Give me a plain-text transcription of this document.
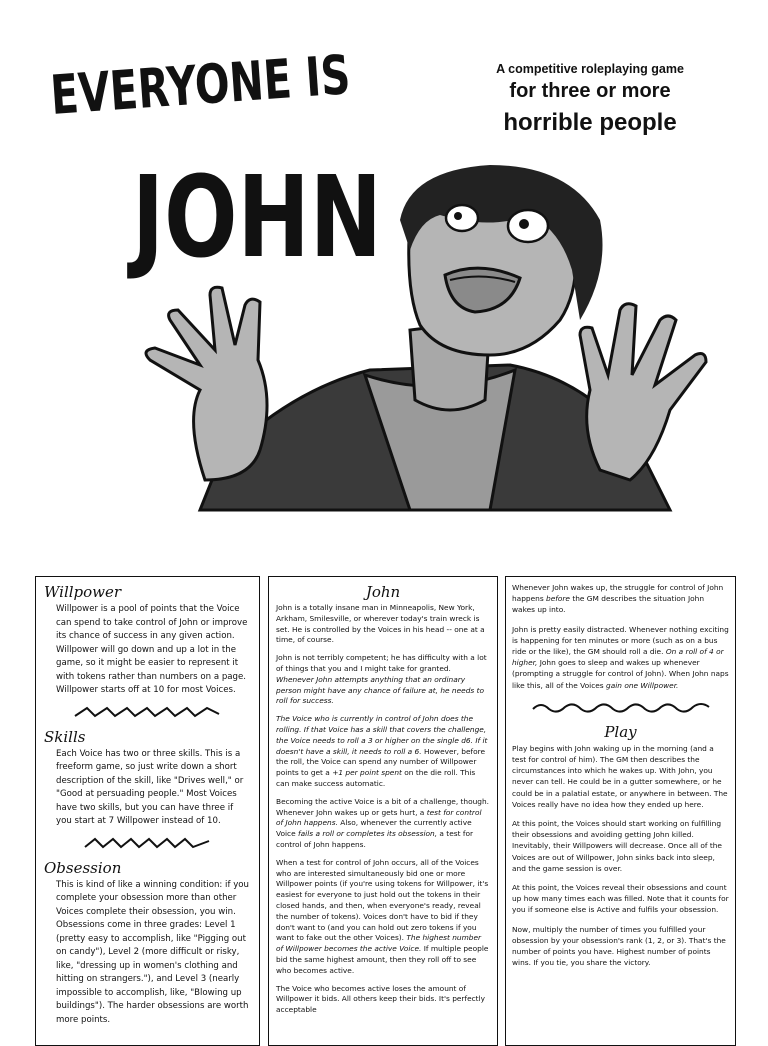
EVERYONE IS
JOHN
A competitive roleplaying game
for three or more
horrible people
Willpower

Willpower is a pool of points that the Voice can spend to take control of John or improve its chance of success in any given action. Willpower will go down and up a lot in the game, so it might be easier to represent it with tokens rather than numbers on a page. Willpower starts off at 10 for most Voices.

Skills

Each Voice has two or three skills. This is a freeform game, so just write down a short description of the skill, like "Drives well," or "Good at persuading people." Most Voices have two skills, but you can have three if you start at 7 Willpower instead of 10.

Obsession

This is kind of like a winning condition: if you complete your obsession more than other Voices complete their obsession, you win. Obsessions come in three grades: Level 1 (pretty easy to accomplish, like "Pigging out on candy"), Level 2 (more difficult or risky, like, "dressing up in women's clothing and hitting on strangers."), and Level 3 (nearly impossible to accomplish, like, "Blowing up buildings"). The harder obsessions are worth more points.

John

John is a totally insane man in Minneapolis, New York, Arkham, Smilesville, or wherever today's train wreck is set. He is controlled by the Voices in his head -- one at a time, of course.

John is not terribly competent; he has difficulty with a lot of things that you and I might take for granted. Whenever John attempts anything that an ordinary person might have any chance of failure at, he needs to roll for success.

The Voice who is currently in control of John does the rolling. If that Voice has a skill that covers the challenge, the Voice needs to roll a 3 or higher on the single d6. If it doesn't have a skill, it needs to roll a 6. However, before the roll, the Voice can spend any number of Willpower points to get a +1 per point spent on the die roll. This can make success automatic.

Becoming the active Voice is a bit of a challenge, though. Whenever John wakes up or gets hurt, a test for control of John happens. Also, whenever the currently active Voice fails a roll or completes its obsession, a test for control of John happens.

When a test for control of John occurs, all of the Voices who are interested simultaneously bid one or more Willpower points (if you're using tokens for Willpower, it's easiest for everyone to just hold out the tokens in their closed hands, and then, when everyone's ready, reveal the number of tokens). Voices don't have to bid if they don't want to (and you can hold out zero tokens if you want to fake out the other Voices). The highest number of Willpower becomes the active Voice. If multiple people bid the same highest amount, then they roll off to see who becomes active.

The Voice who becomes active loses the amount of Willpower it bids. All others keep their bids. It's perfectly acceptable

Whenever John wakes up, the struggle for control of John happens before the GM describes the situation John wakes up into.

John is pretty easily distracted. Whenever nothing exciting is happening for ten minutes or more (such as on a bus ride or the like), the GM should roll a die. On a roll of 4 or higher, John goes to sleep and wakes up whenever (prompting a struggle for control of John). When John naps like this, all of the Voices gain one Willpower.

Play

Play begins with John waking up in the morning (and a test for control of him). The GM then describes the circumstances into which he wakes up. With John, you never can tell. He could be in a gutter somewhere, or he could be in a palatial estate, or anywhere in between. The Voices really have no idea how they ended up here.

At this point, the Voices should start working on fulfilling their obsessions and avoiding getting John killed. Inevitably, their Willpowers will decrease. Once all of the Voices are out of Willpower, John sinks back into sleep, and the game session is over.

At this point, the Voices reveal their obsessions and count up how many times each was filled. Note that it counts for you if someone else is Active and fulfils your obsession.

Now, multiply the number of times you fulfilled your obsession by your obsession's rank (1, 2, or 3). That's the number of points you have. Highest number of points wins. If you tie, you share the victory.
